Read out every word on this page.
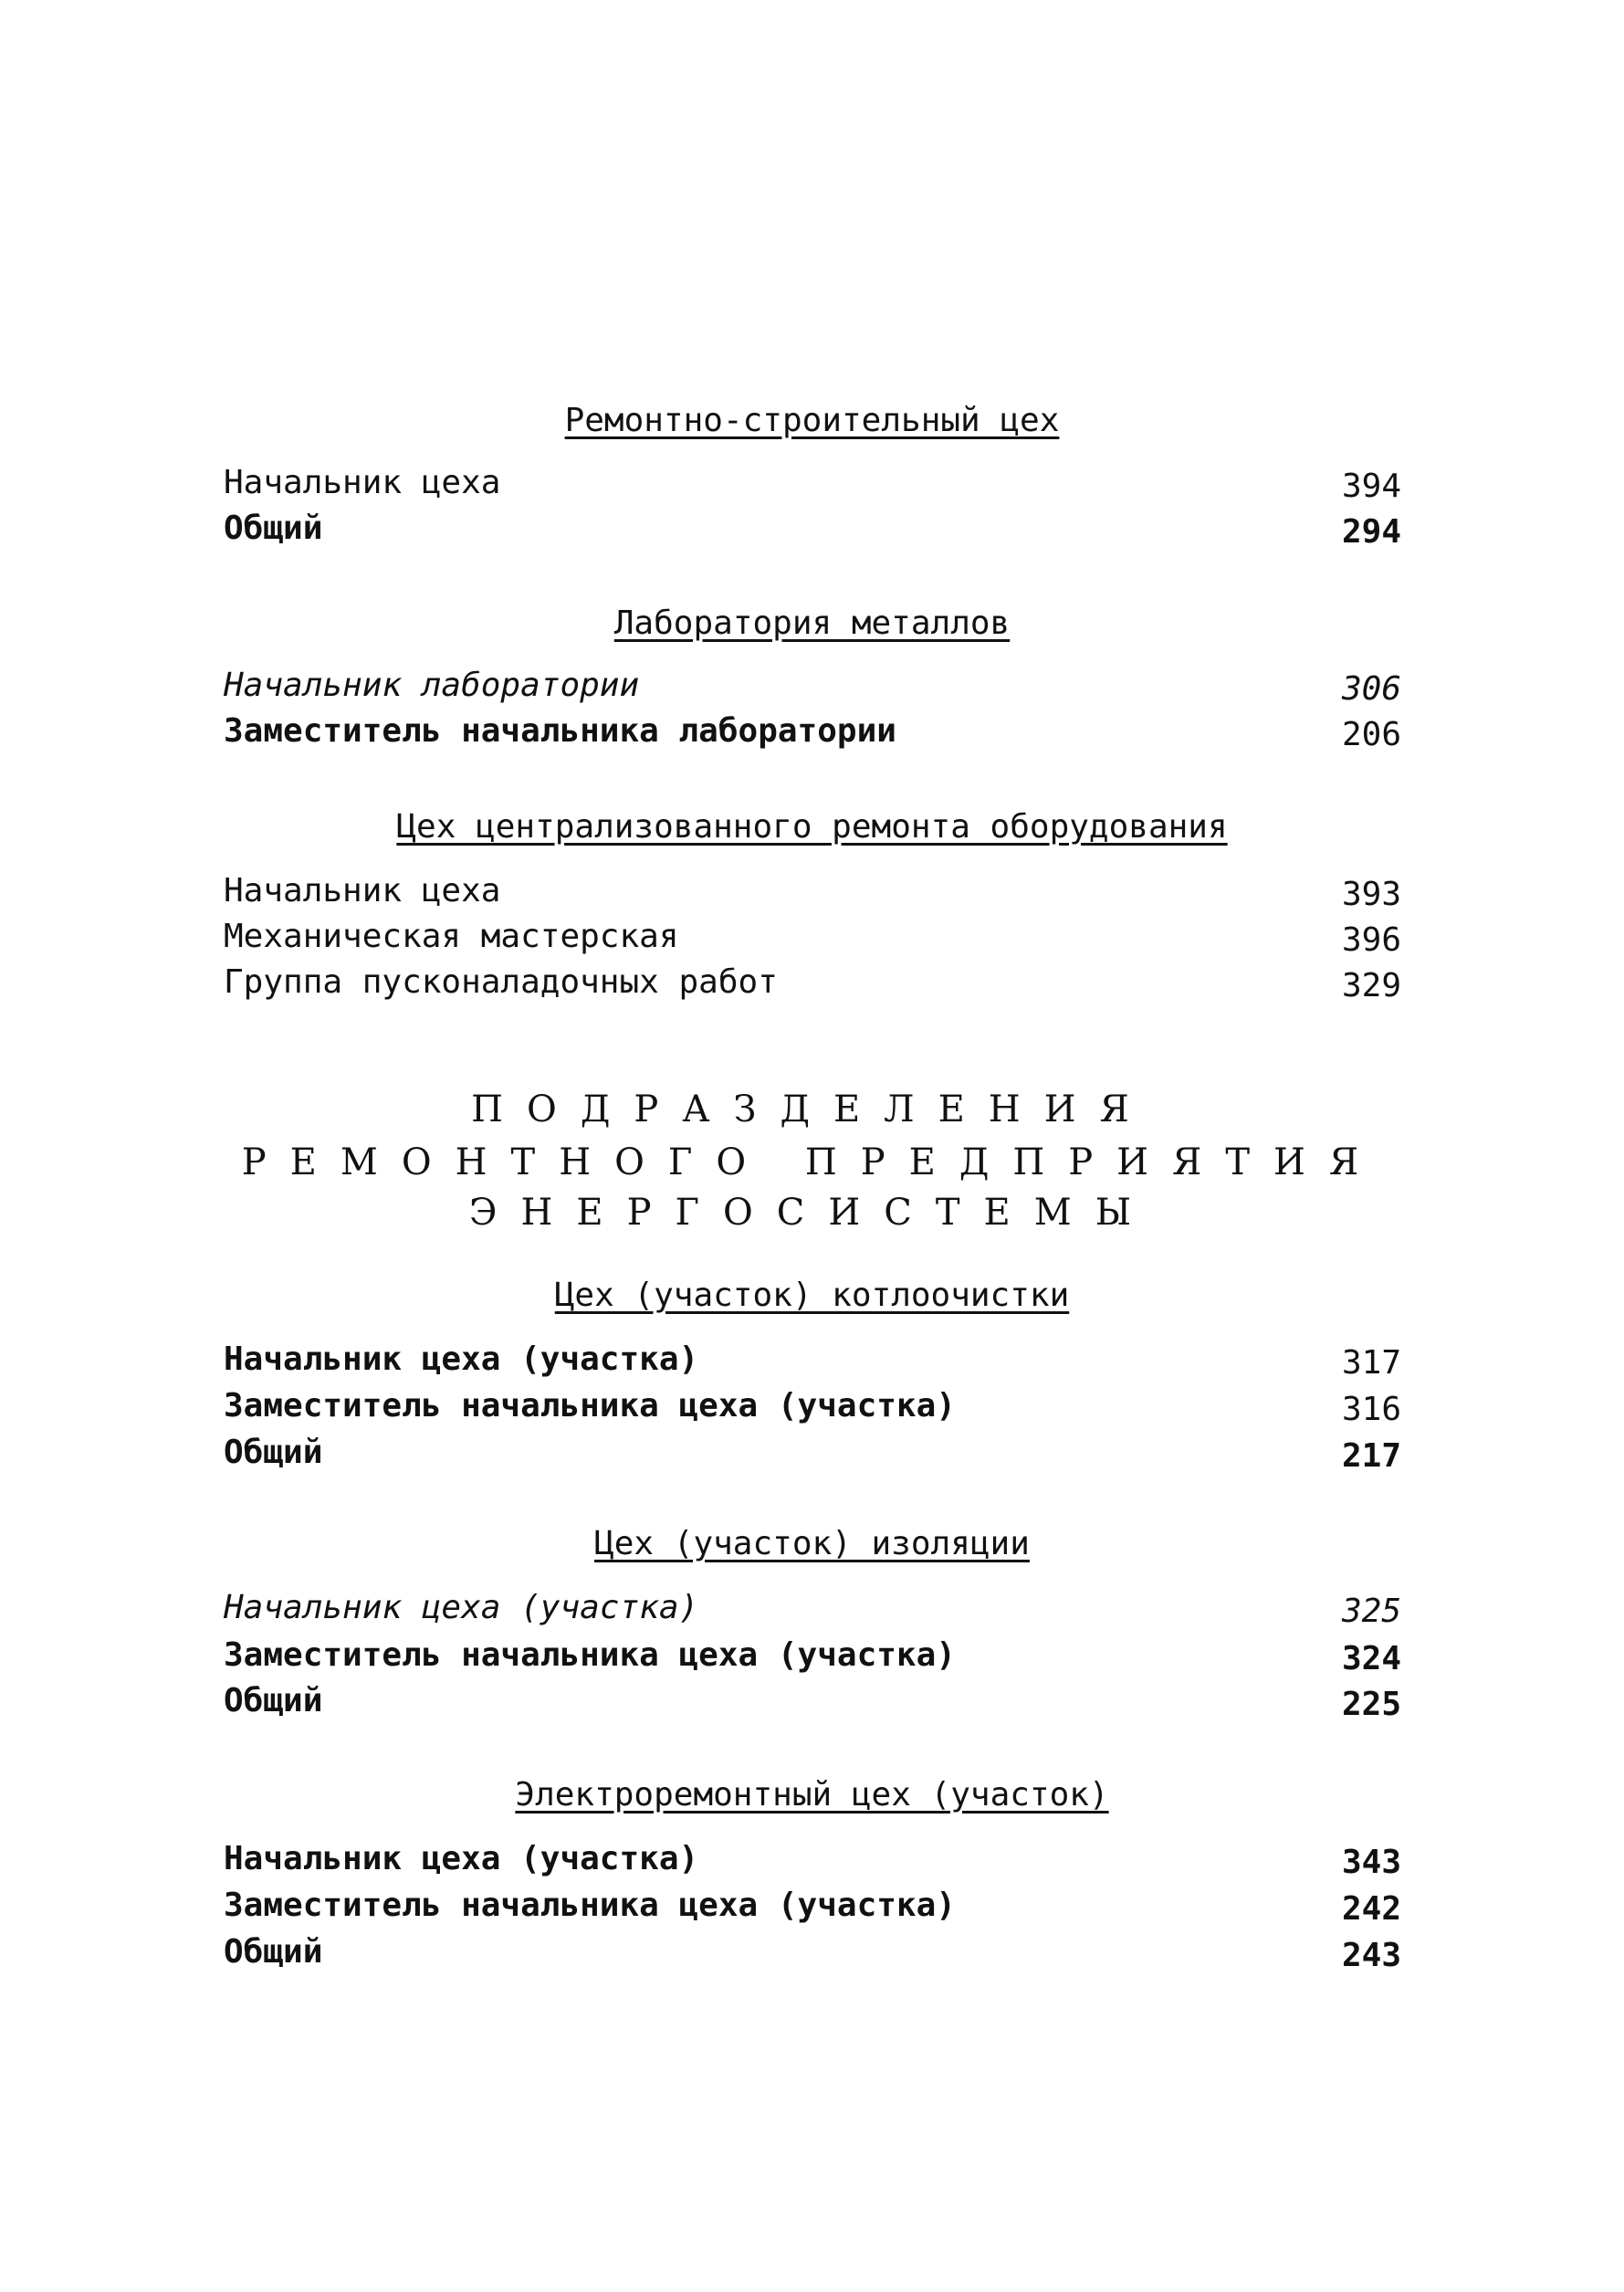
Ремонтно-строительный цех
Начальник цеха	394
Общий	294
Лаборатория металлов
Начальник лаборатории	306
Заместитель начальника лаборатории	206
Цех централизованного ремонта оборудования
Начальник цеха	393
Механическая мастерская	396
Группа пусконаладочных работ	329
ПОДРАЗДЕЛЕНИЯ
РЕМОНТНОГО ПРЕДПРИЯТИЯ
ЭНЕРГОСИСТЕМЫ
Цех (участок) котлоочистки
Начальник цеха (участка)	317
Заместитель начальника цеха (участка)	316
Общий	217
Цех (участок) изоляции
Начальник цеха (участка)	325
Заместитель начальника цеха (участка)	324
Общий	225
Электроремонтный цех (участок)
Начальник цеха (участка)	343
Заместитель начальника цеха (участка)	242
Общий	243
